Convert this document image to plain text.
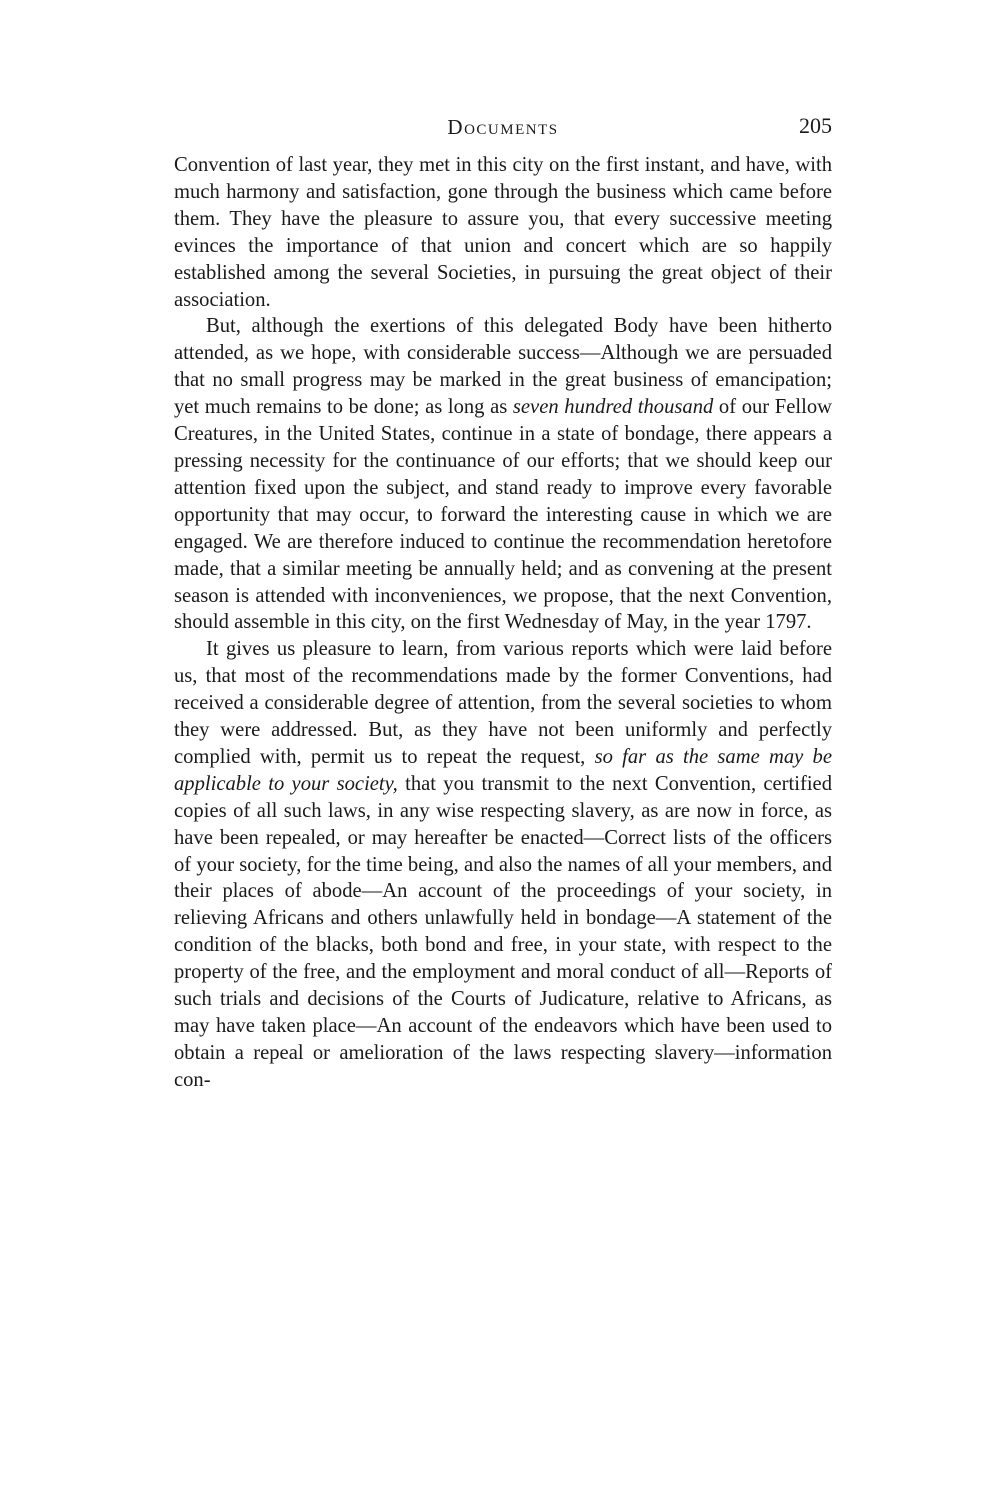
Documents	205

Convention of last year, they met in this city on the first instant, and have, with much harmony and satisfaction, gone through the business which came before them. They have the pleasure to assure you, that every successive meeting evinces the importance of that union and concert which are so happily established among the several Societies, in pursuing the great object of their association.

But, although the exertions of this delegated Body have been hitherto attended, as we hope, with considerable success—Although we are persuaded that no small progress may be marked in the great business of emancipation; yet much remains to be done; as long as seven hundred thousand of our Fellow Creatures, in the United States, continue in a state of bondage, there appears a pressing necessity for the continuance of our efforts; that we should keep our attention fixed upon the subject, and stand ready to improve every favorable opportunity that may occur, to forward the interesting cause in which we are engaged. We are therefore induced to continue the recommendation heretofore made, that a similar meeting be annually held; and as convening at the present season is attended with inconveniences, we propose, that the next Convention, should assemble in this city, on the first Wednesday of May, in the year 1797.

It gives us pleasure to learn, from various reports which were laid before us, that most of the recommendations made by the former Conventions, had received a considerable degree of attention, from the several societies to whom they were addressed. But, as they have not been uniformly and perfectly complied with, permit us to repeat the request, so far as the same may be applicable to your society, that you transmit to the next Convention, certified copies of all such laws, in any wise respecting slavery, as are now in force, as have been repealed, or may hereafter be enacted—Correct lists of the officers of your society, for the time being, and also the names of all your members, and their places of abode—An account of the proceedings of your society, in relieving Africans and others unlawfully held in bondage—A statement of the condition of the blacks, both bond and free, in your state, with respect to the property of the free, and the employment and moral conduct of all—Reports of such trials and decisions of the Courts of Judicature, relative to Africans, as may have taken place—An account of the endeavors which have been used to obtain a repeal or amelioration of the laws respecting slavery—information con-
